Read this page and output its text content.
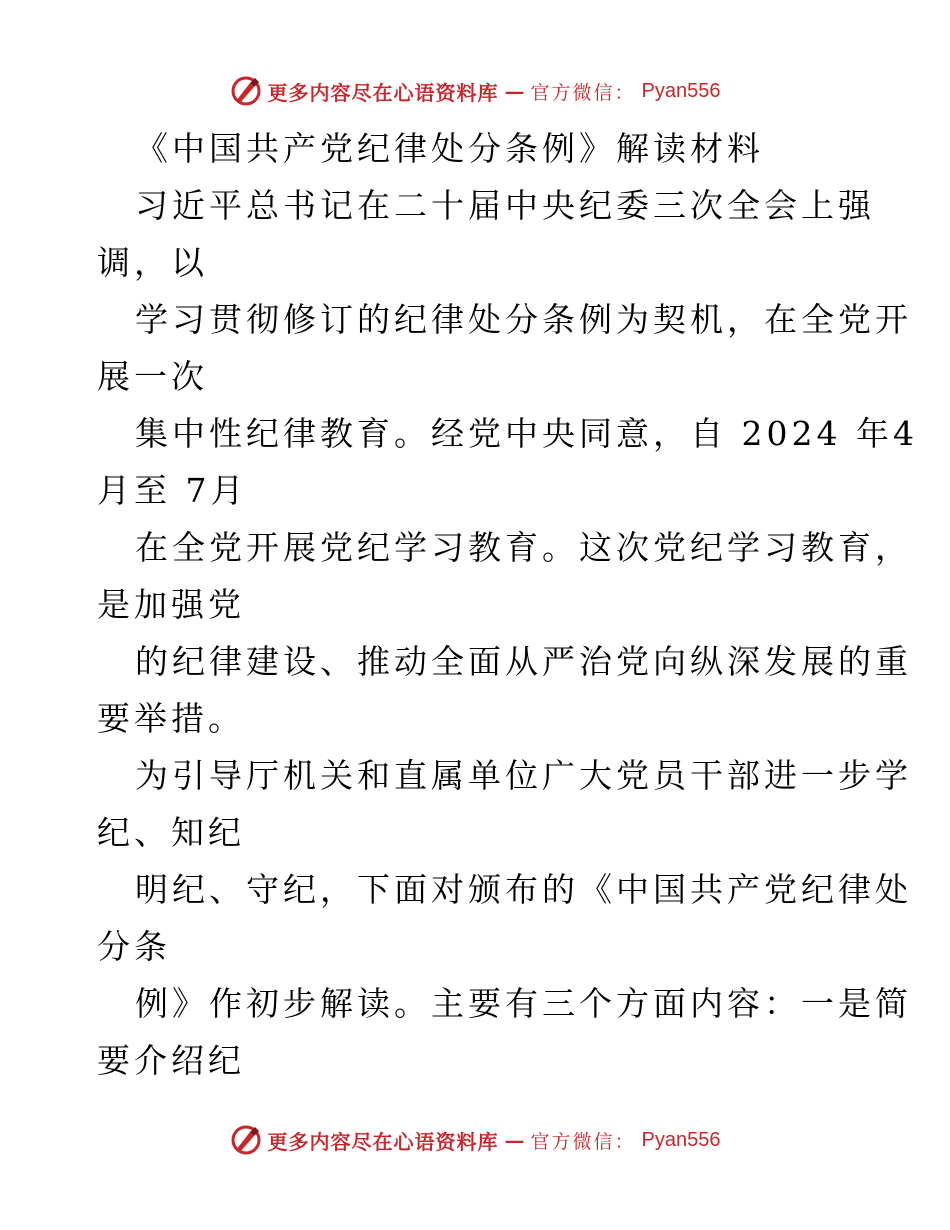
更多内容尽在心语资料库 — 官方微信： Pyan556
《中国共产党纪律处分条例》解读材料
习近平总书记在二十届中央纪委三次全会上强
调，以
学习贯彻修订的纪律处分条例为契机，在全党开
展一次
集中性纪律教育。经党中央同意，自 2024 年4
月至 7月
在全党开展党纪学习教育。这次党纪学习教育，
是加强党
的纪律建设、推动全面从严治党向纵深发展的重
要举措。
为引导厅机关和直属单位广大党员干部进一步学
纪、知纪
明纪、守纪，下面对颁布的《中国共产党纪律处
分条
例》作初步解读。主要有三个方面内容：一是简
要介绍纪
更多内容尽在心语资料库 — 官方微信： Pyan556
